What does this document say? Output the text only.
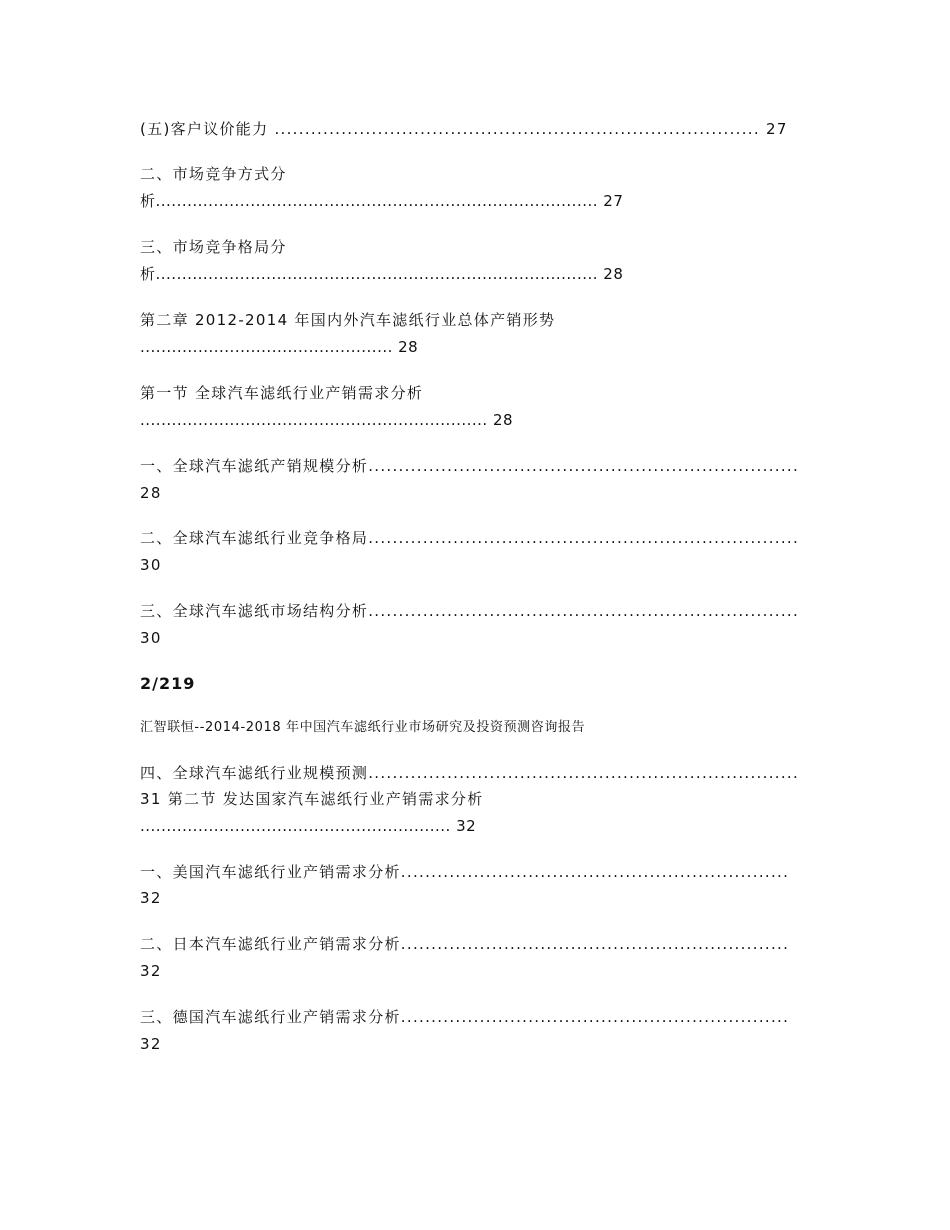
(五)客户议价能力 ................................................................................ 27
二、市场竞争方式分
析.................................................................................... 27
三、市场竞争格局分
析.................................................................................... 28
第二章 2012-2014 年国内外汽车滤纸行业总体产销形势
................................................ 28
第一节 全球汽车滤纸行业产销需求分析
.................................................................. 28
一、全球汽车滤纸产销规模分析.......................................................................
28
二、全球汽车滤纸行业竞争格局.......................................................................
30
三、全球汽车滤纸市场结构分析.......................................................................
30
2/219
汇智联恒--2014-2018 年中国汽车滤纸行业市场研究及投资预测咨询报告
四、全球汽车滤纸行业规模预测.......................................................................
31 第二节 发达国家汽车滤纸行业产销需求分析
........................................................... 32
一、美国汽车滤纸行业产销需求分析................................................................
32
二、日本汽车滤纸行业产销需求分析................................................................
32
三、德国汽车滤纸行业产销需求分析................................................................
32
